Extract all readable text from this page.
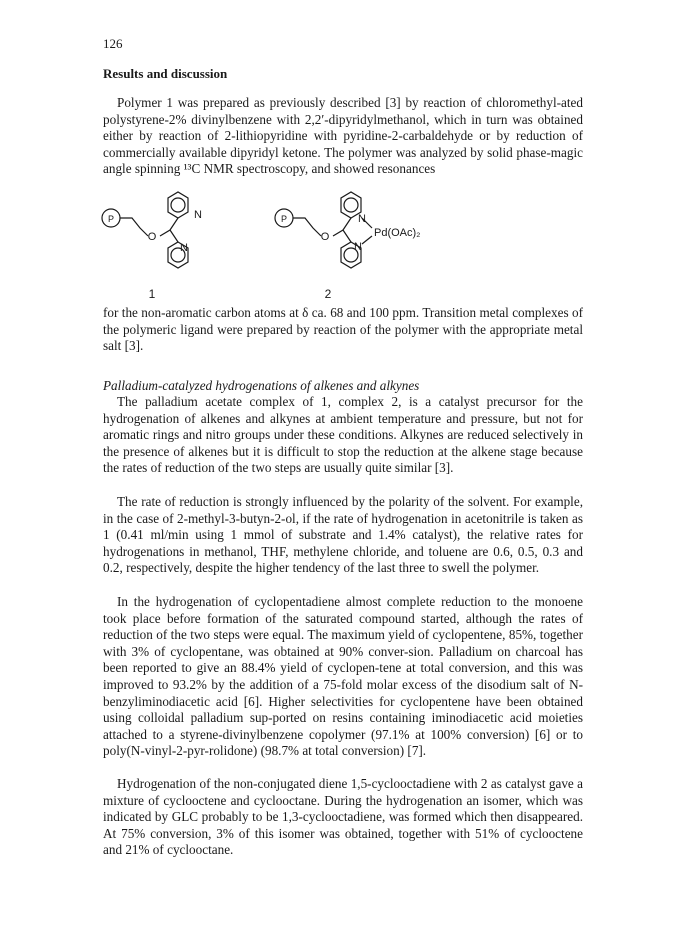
126
Results and discussion

Polymer 1 was prepared as previously described [3] by reaction of chloromethyl-ated polystyrene-2% divinylbenzene with 2,2′-dipyridylmethanol, which in turn was obtained either by reaction of 2-lithiopyridine with pyridine-2-carbaldehyde or by reduction of commercially available dipyridyl ketone. The polymer was analyzed by solid phase-magic angle spinning ¹³C NMR spectroscopy, and showed resonances

P
O
N
N
1
P
O
N
N
Pd(OAc)₂
2

for the non-aromatic carbon atoms at δ ca. 68 and 100 ppm. Transition metal complexes of the polymeric ligand were prepared by reaction of the polymer with the appropriate metal salt [3].

Palladium-catalyzed hydrogenations of alkenes and alkynes

The palladium acetate complex of 1, complex 2, is a catalyst precursor for the hydrogenation of alkenes and alkynes at ambient temperature and pressure, but not for aromatic rings and nitro groups under these conditions. Alkynes are reduced selectively in the presence of alkenes but it is difficult to stop the reduction at the alkene stage because the rates of reduction of the two steps are usually quite similar [3].

The rate of reduction is strongly influenced by the polarity of the solvent. For example, in the case of 2-methyl-3-butyn-2-ol, if the rate of hydrogenation in acetonitrile is taken as 1 (0.41 ml/min using 1 mmol of substrate and 1.4% catalyst), the relative rates for hydrogenations in methanol, THF, methylene chloride, and toluene are 0.6, 0.5, 0.3 and 0.2, respectively, despite the higher tendency of the last three to swell the polymer.

In the hydrogenation of cyclopentadiene almost complete reduction to the monoene took place before formation of the saturated compound started, although the rates of reduction of the two steps were equal. The maximum yield of cyclopentene, 85%, together with 3% of cyclopentane, was obtained at 90% conver-sion. Palladium on charcoal has been reported to give an 88.4% yield of cyclopen-tene at total conversion, and this was improved to 93.2% by the addition of a 75-fold molar excess of the disodium salt of N-benzyliminodiacetic acid [6]. Higher selectivities for cyclopentene have been obtained using colloidal palladium sup-ported on resins containing iminodiacetic acid moieties attached to a styrene-divinylbenzene copolymer (97.1% at 100% conversion) [6] or to poly(N-vinyl-2-pyr-rolidone) (98.7% at total conversion) [7].

Hydrogenation of the non-conjugated diene 1,5-cyclooctadiene with 2 as catalyst gave a mixture of cyclooctene and cyclooctane. During the hydrogenation an isomer, which was indicated by GLC probably to be 1,3-cyclooctadiene, was formed which then disappeared. At 75% conversion, 3% of this isomer was obtained, together with 51% of cyclooctene and 21% of cyclooctane.
